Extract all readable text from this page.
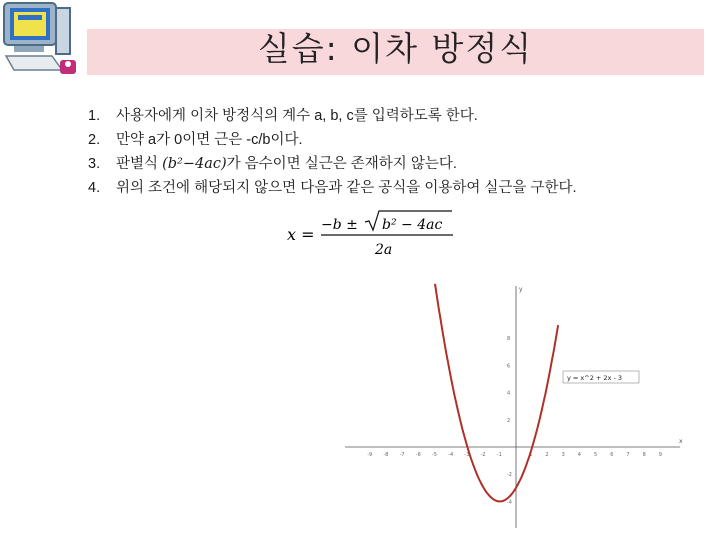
실습: 이차 방정식
1.	사용자에게 이차 방정식의 계수 a, b, c를 입력하도록 한다.
2.	만약 a가 0이면 근은 -c/b이다.
3.	판별식 (b²−4ac)가 음수이면 실근은 존재하지 않는다.
4.	위의 조건에 해당되지 않으면 다음과 같은 공식을 이용하여 실근을 구한다.
x = −b ± b² − 4ac
2a
x
y
-9 -8 -7 -6 -5 -4 -3 -2 -1	1	2	3	4	5	6	7	8	9
8
6
4
2
-2
-4
y = x^2 + 2x - 3
